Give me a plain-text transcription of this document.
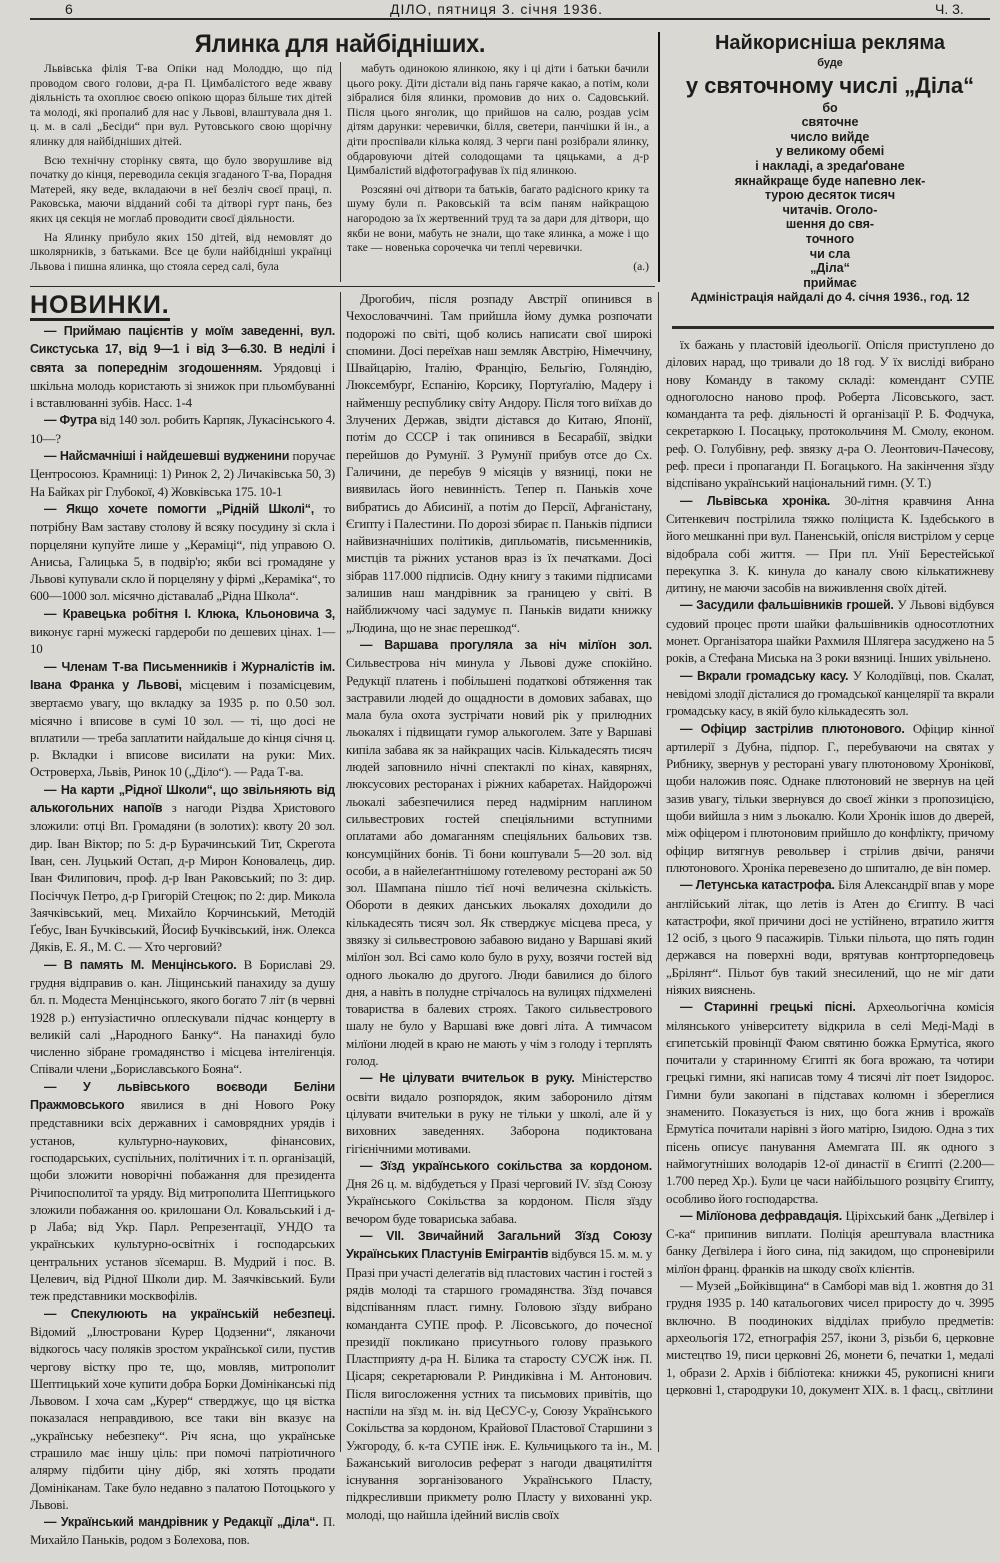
6	ДІЛО, пятниця 3. січня 1936.	Ч. 3.
Ялинка для найбідніших.

Львівська філія Т-ва Опіки над Молоддю, що під проводом свого голови, д-ра П. Цимбалістого веде жваву діяльність та охоплює своєю опікою щораз більше тих дітей та молоді, які пропалиб для нас у Львові, влаштувала дня 1. ц. м. в салі „Бесіди“ при вул. Рутовського свою щорічну ялинку для найбідніших дітей.

Всю технічну сторінку свята, що було зворушливе від початку до кінця, переводила секція згаданого Т-ва, Порадня Матерей, яку веде, вкладаючи в неї безліч своєї праці, п. Раковська, маючи відданий собі та дітворі гурт пань, без яких ця секція не моглаб проводити своєї діяльности.

На Ялинку прибуло яких 150 дітей, від немовлят до школярників, з батьками. Все це були найбідніші українці Львова і пишна ялинка, що стояла серед салі, була

мабуть одинокою ялинкою, яку і ці діти і батьки бачили цього року. Діти дістали від пань гаряче какао, а потім, коли зібралися біля ялинки, промовив до них о. Садовський. Після цього янголик, що прийшов на салю, роздав усім дітям дарунки: черевички, білля, светери, панчішки й ін., а діти проспівали кілька коляд. З черги пані розібрали ялинку, обдаровуючи дітей солодощами та цяцьками, а д-р Цимбалістий відфотографував їх під ялинкою.

Розсяяні очі дітвори та батьків, багато радісного крику та шуму були п. Раковській та всім паням найкращою нагородою за їх жертвенний труд та за дари для дітвори, що якби не вони, мабуть не знали, що таке ялинка, а може і що таке — новенька сорочечка чи теплі черевички.

(а.)
Найкорисніша рекляма
буде
у святочному числі „Діла“
бо
святочне
число вийде
у великому обемі
і накладі, а зредаґоване
якнайкраще буде напевно лек-
турою десяток тисяч
читачів. Оголо-
шення до свя-
точного
чи сла
„Діла“
приймає
Адміністрація найдалі до 4. січня 1936., год. 12
НОВИНКИ.

— Приймаю пацієнтів у моїм заведенні, вул. Сикстуська 17, від 9—1 і від 3—6.30. В неділі і свята за попереднім згодошенням. Урядовці і шкільна молодь користають зі знижок при пльомбуванні і вставлюванні зубів. Насс. 1-4

— Футра від 140 зол. робить Карпяк, Лукасінського 4. 10—?

— Найсмачніші і найдешевші вудженини поручає Центросоюз. Крамниці: 1) Ринок 2, 2) Личаківська 50, 3) На Байках ріг Глубокої, 4) Жовківська 175. 10-1

— Якщо хочете помогти „Рідній Школі“, то потрібну Вам заставу столову й всяку посудину зі скла і порцеляни купуйте лише у „Кераміці“, під управою О. Анисьа, Галицька 5, в подвір'ю; якби всі громадяне у Львові купували скло й порцеляну у фірмі „Кераміка“, то 600—1000 зол. місячно діставалаб „Рідна Школа“.

— Кравецька робітня І. Клюка, Кльоновича 3, виконує гарні мужескі гардероби по дешевих цінах. 1—10

— Членам Т-ва Письменників і Журналістів ім. Івана Франка у Львові, місцевим і позамісцевим, звертаємо увагу, що вкладку за 1935 р. по 0.50 зол. місячно і вписове в сумі 10 зол. — ті, що досі не вплатили — треба заплатити найдальше до кінця січня ц. р. Вкладки і вписове висилати на руки: Мих. Островерха, Львів, Ринок 10 („Діло“). — Рада Т-ва.

— На карти „Рідної Школи“, що звільняють від алькогольних напоїв з нагоди Різдва Христового зложили: отці Вп. Громадяни (в золотих): квоту 20 зол. дир. Іван Віктор; по 5: д-р Бурачинський Тит, Скрегота Іван, сен. Луцький Остап, д-р Мирон Коновалець, дир. Іван Филипович, проф. д-р Іван Раковський; по 3: дир. Посіччук Петро, д-р Григорій Стецюк; по 2: дир. Микола Заячківський, мец. Михайло Корчинський, Методій Ґебус, Іван Бучківський, Йосиф Бучківський, інж. Олекса Дяків, Е. Я., М. С. — Хто черговий?

— В память М. Менцінського. В Бориславі 29. грудня відправив о. кан. Ліщинський панахиду за душу бл. п. Модеста Менцінського, якого богато 7 літ (в червні 1928 р.) ентузіастично оплескували підчас концерту в великій салі „Народного Банку“. На панахиді було численно зібране громадянство і місцева інтелігенція. Співали члени „Бориславського Бояна“.

— У львівського воєводи Беліни Пражмовського явилися в дні Нового Року представники всіх державних і самоврядних урядів і установ, культурно-наукових, фінансових, господарських, суспільних, політичних і т. п. організацій, щоби зложити новорічні побажання для президента Річипосполитої та уряду. Від митрополита Шептицького зложили побажання оо. крилошани Ол. Ковальський і д-р Лаба; від Укр. Парл. Репрезентації, УНДО та українських культурно-освітніх і господарських центральних установ зїсемарш. В. Мудрий і пос. В. Целевич, від Рідної Школи дир. М. Заячківський. Були теж представники москвофілів.

— Спекулюють на українській небезпеці. Відомий „Ілюстровани Курер Цодзенни“, ляканочи відкогось часу поляків зростом української сили, пустив чергову вістку про те, що, мовляв, митрополит Шептицький хоче купити добра Борки Домініканські під Львовом. І хоча сам „Курер“ стверджує, що ця вістка показалася неправдивою, все таки він вказує на „українську небезпеку“. Річ ясна, що українське страшило має іншу ціль: при помочі патріотичного алярму підбити ціну дібр, які хотять продати Домініканам. Таке було недавно з палатою Потоцького у Львові.

— Український мандрівник у Редакції „Діла“. П. Михайло Паньків, родом з Болехова, пов.

Дрогобич, після розпаду Австрії опинився в Чехословаччині. Там прийшла йому думка розпочати подорожі по світі, щоб колись написати свої широкі спомини. Досі переїхав наш земляк Австрію, Німеччину, Швайцарію, Італію, Францію, Бельгію, Голяндію, Люксембурґ, Еспанію, Корсику, Портуґалію, Мадеру і найменшу республику світу Андору. Після того виїхав до Злучених Держав, звідти дістався до Китаю, Японії, потім до СССР і так опинився в Бесарабії, звідки перейшов до Румунії. З Румунії прибув отсе до Сх. Галичини, де перебув 9 місяців у вязниці, поки не виявилась його невинність. Тепер п. Паньків хоче вибратись до Абисинії, а потім до Персії, Афганістану, Єгипту і Палестини. По дорозі збирає п. Паньків підписи найвизначніших політиків, дипльоматів, письменників, мистців та ріжних установ враз із їх печатками. Досі зібрав 117.000 підписів. Одну книгу з такими підписами залишив наш мандрівник за границею у світі. В найближчому часі задумує п. Паньків видати книжку „Людина, що не знає перешкод“.

— Варшава прогуляла за ніч мілїон зол. Сильвестрова ніч минула у Львові дуже спокійно. Редукції платень і побільшені податкові обтяження так застравили людей до ощадности в домових забавах, що мала була охота зустрічати новий рік у прилюдних льокалях і підвищати гумор алькоголем. Зате у Варшаві кипіла забава як за найкращих часів. Кількадесять тисяч людей заповнило нічні спектаклі по кінах, кавярнях, люксусових ресторанах і ріжних кабаретах. Найдорожчі льокалі забезпечилися перед надмірним наплином сильвестрових гостей спеціяльними вступними оплатами або домаганням спеціяльних бальових тзв. консумційних бонів. Ті бони коштували 5—20 зол. від особи, а в найелеґантнішому готелевому ресторані аж 50 зол. Шампана пішло тієї ночі величезна скількість. Обороти в деяких данських льокалях доходили до кількадесять тисяч зол. Як стверджує місцева преса, у звязку зі сильвестровою забавою видано у Варшаві який мілїон зол. Всі само коло було в руху, возячи гостей від одного льокалю до другого. Люди бавилися до білого дня, а навіть в полудне стрічалось на вулицях підхмелені товариства в балевих строях. Такого сильвестрового шалу не було у Варшаві вже довгі літа. А тимчасом мілїони людей в краю не мають у чім з голоду і терплять голод.

— Не цілувати вчительок в руку. Міністерство освіти видало розпорядок, яким заборонило дітям цілувати вчительки в руку не тільки у школі, але й у виховних заведеннях. Заборона подиктована гігієнічними мотивами.

— Зїзд українського сокільства за кордоном. Дня 26 ц. м. відбудеться у Празі черговий IV. зїзд Союзу Українського Сокільства за кордоном. Після зїзду вечором буде товариська забава.

— VII. Звичайний Загальний Зїзд Союзу Українських Пластунів Емігрантів відбувся 15. м. м. у Празі при участі делегатів від пластових частин і гостей з рядів молоді та старшого громадянства. Зїзд почався відспіванням пласт. гимну. Головою зїзду вибрано команданта СУПЕ проф. Р. Лісовського, до почесної президії покликано присутнього голову празького Пластприяту д-ра Н. Білика та старосту СУСЖ інж. П. Цісаря; секретарювали Р. Риндиківна і М. Антонович. Після вигосложення устних та письмових привітів, що наспіли на зїзд м. ін. від ЦеСУС-у, Союзу Українського Сокільства за кордоном, Крайової Пластової Старшини з Ужгороду, б. к-та СУПЕ інж. Е. Кульчицького та ін., М. Бажанський виголосив реферат з нагоди двацятиліття існування зорганізованого Українського Пласту, підкресливши прикмету ролю Пласту у вихованні укр. молоді, що найшла ідейний вислів своїх

їх бажань у пластовій ідеольогії. Опісля приступлено до ділових нарад, що тривали до 18 год. У їх висліді вибрано нову Команду в такому складі: комендант СУПЕ одноголосно наново проф. Роберта Лісовського, заст. команданта та реф. діяльності й організації Р. Б. Фодчука, секретаркою І. Посацьку, протокольчиня М. Смолу, економ. реф. О. Голубівну, реф. звязку д-ра О. Леонтович-Пачесову, реф. преси і пропаганди П. Богацького. На закінчення зїзду відспівано український національний гимн. (У. Т.)

— Львівська хроніка. 30-літня кравчиня Анна Ситенкевич пострілила тяжко поліциста К. Іздебського в його мешканні при вул. Паненській, опісля вистрілом у серце відобрала собі життя. — При пл. Унії Берестейської перекупка З. К. кинула до каналу свою кількатижневу дитину, не маючи засобів на виживлення своїх дітей.

— Засудили фальшівників грошей. У Львові відбувся судовий процес проти шайки фальшівників односотлотних монет. Організатора шайки Рахмиля Шлягера засуджено на 5 років, а Стефана Миська на 3 роки вязниці. Інших увільнено.

— Вкрали громадську касу. У Колодіївці, пов. Скалат, невідомі злодії дісталися до громадської канцелярії та вкрали громадську касу, в якій було кількадесять зол.

— Офіцир застрілив плютонового. Офіцир кінної артилерії з Дубна, підпор. Г., перебуваючи на святах у Рибнику, звернув у ресторані увагу плютоновому Хроніковї, щоби наложив пояс. Однаке плютоновий не звернув на цей зазив увагу, тільки звернувся до своєї жінки з пропозицією, щоби вийшла з ним з льокалю. Коли Хронік ішов до дверей, між офіцером і плютоновим прийшло до конфлікту, причому офіцир витягнув револьвер і стрілив двічи, ранячи плютонового. Хроніка перевезено до шпиталю, де він помер.

— Летунська катастрофа. Біля Александрії впав у море англійський літак, що летів із Атен до Єгипту. В часі катастрофи, якої причини досі не устійнено, втратило життя 12 осіб, з цього 9 пасажирів. Тільки пільота, що пять годин держався на поверхні води, врятував контрторпедовець „Брілянт“. Пільот був такий знесилений, що не міг дати ніяких вияснень.

— Старинні грецькі пісні. Археольогічна комісія мілянського університету відкрила в селі Меді-Маді в єгипетській провінції Фаюм святиню божка Ермутіса, якого почитали у старинному Єгипті як бога врожаю, та чотири грецькі гимни, які написав тому 4 тисячі літ поет Ізидорос. Гимни були закопані в підставах колюмн і збереглися знаменито. Показується із них, що бога жнив і врожаїв Ермутіса почитали нарівні з його матірю, Ізидою. Одна з тих пісень описує панування Амемгата ІІІ. як одного з наймогутніших володарів 12-ої династії в Єгипті (2.200—1.700 перед Хр.). Були це часи найбільшого розцвіту Єгипту, особливо його господарства.

— Мілїонова дефравдація. Ціріхський банк „Деґвілер і С-ка“ припинив виплати. Поліція арештувала властника банку Деґвілера і його сина, під закидом, що спроневірили мілїон франц. франків на шкоду своїх клієнтів.

— Музей „Бойківщина“ в Самборі мав від 1. жовтня до 31 грудня 1935 р. 140 катальогових чисел приросту до ч. 3995 включно. В поодиноких відділах прибуло предметів: археольогія 172, етнографія 257, ікони 3, різьби 6, церковне мистецтво 19, писи церковні 26, монети 6, печатки 1, медалі 1, образи 2. Архів і бібліотека: книжки 45, рукописні книги церковні 1, стародруки 10, документ XIX. в. 1 фасц., світлини
